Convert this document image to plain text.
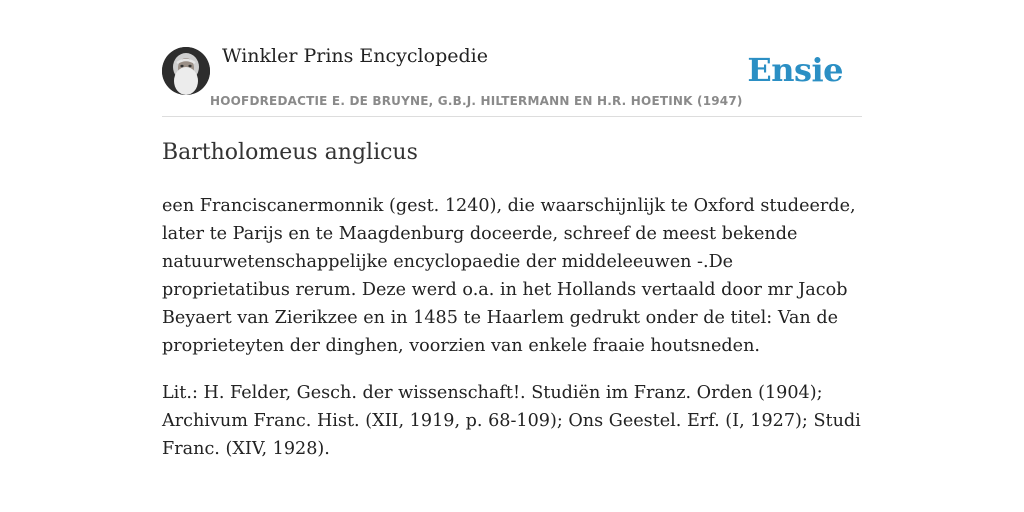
Winkler Prins Encyclopedie
HOOFDREDACTIE E. DE BRUYNE, G.B.J. HILTERMANN EN H.R. HOETINK (1947)
Ensie
Bartholomeus anglicus

een Franciscanermonnik (gest. 1240), die waarschijnlijk te Oxford studeerde, later te Parijs en te Maagdenburg doceerde, schreef de meest bekende natuurwetenschappelijke encyclopaedie der middeleeuwen -.De proprietatibus rerum. Deze werd o.a. in het Hollands vertaald door mr Jacob Beyaert van Zierikzee en in 1485 te Haarlem gedrukt onder de titel: Van de proprieteyten der dinghen, voorzien van enkele fraaie houtsneden.

Lit.: H. Felder, Gesch. der wissenschaft!. Studiën im Franz. Orden (1904); Archivum Franc. Hist. (XII, 1919, p. 68-109); Ons Geestel. Erf. (I, 1927); Studi Franc. (XIV, 1928).
